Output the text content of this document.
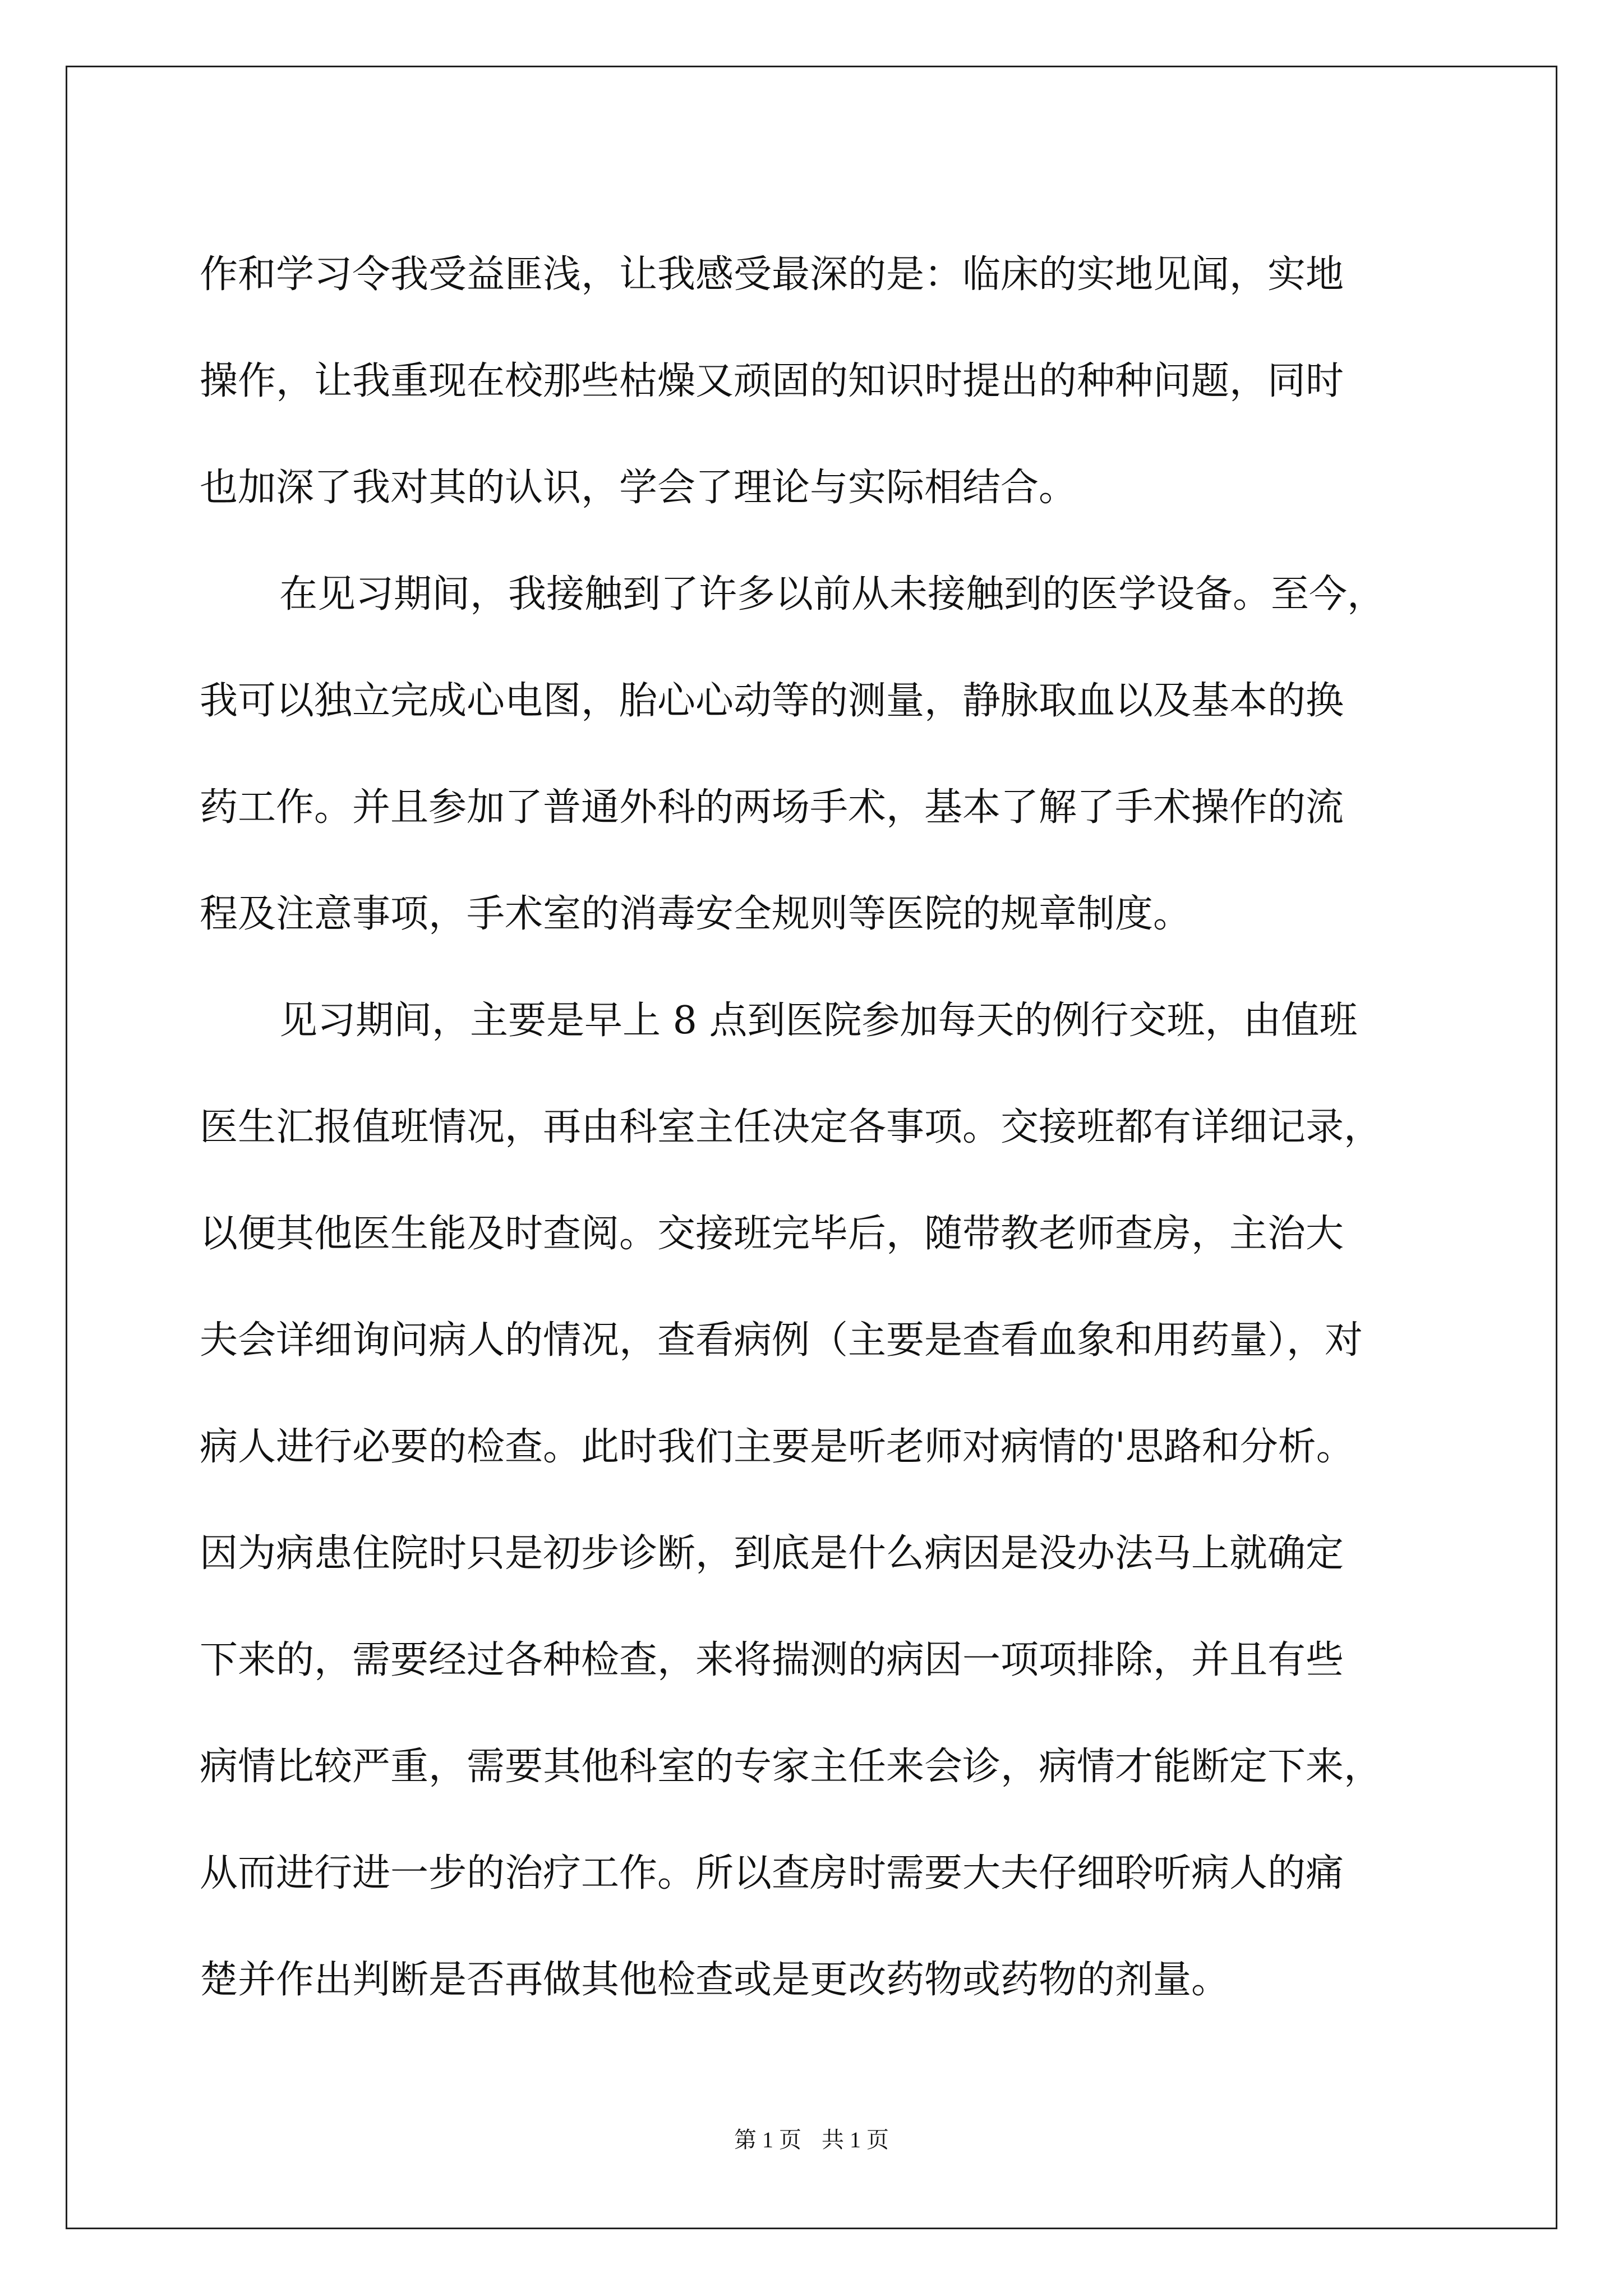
作和学习令我受益匪浅，让我感受最深的是：临床的实地见闻，实地

操作，让我重现在校那些枯燥又顽固的知识时提出的种种问题，同时

也加深了我对其的认识，学会了理论与实际相结合。

在见习期间，我接触到了许多以前从未接触到的医学设备。至今，

我可以独立完成心电图，胎心心动等的测量，静脉取血以及基本的换

药工作。并且参加了普通外科的两场手术，基本了解了手术操作的流

程及注意事项，手术室的消毒安全规则等医院的规章制度。

见习期间，主要是早上 8 点到医院参加每天的例行交班，由值班

医生汇报值班情况，再由科室主任决定各事项。交接班都有详细记录，

以便其他医生能及时查阅。交接班完毕后，随带教老师查房，主治大

夫会详细询问病人的情况，查看病例（主要是查看血象和用药量），对

病人进行必要的检查。此时我们主要是听老师对病情的'思路和分析。

因为病患住院时只是初步诊断，到底是什么病因是没办法马上就确定

下来的，需要经过各种检查，来将揣测的病因一项项排除，并且有些

病情比较严重，需要其他科室的专家主任来会诊，病情才能断定下来，

从而进行进一步的治疗工作。所以查房时需要大夫仔细聆听病人的痛

楚并作出判断是否再做其他检查或是更改药物或药物的剂量。

第 1 页 共 1 页
